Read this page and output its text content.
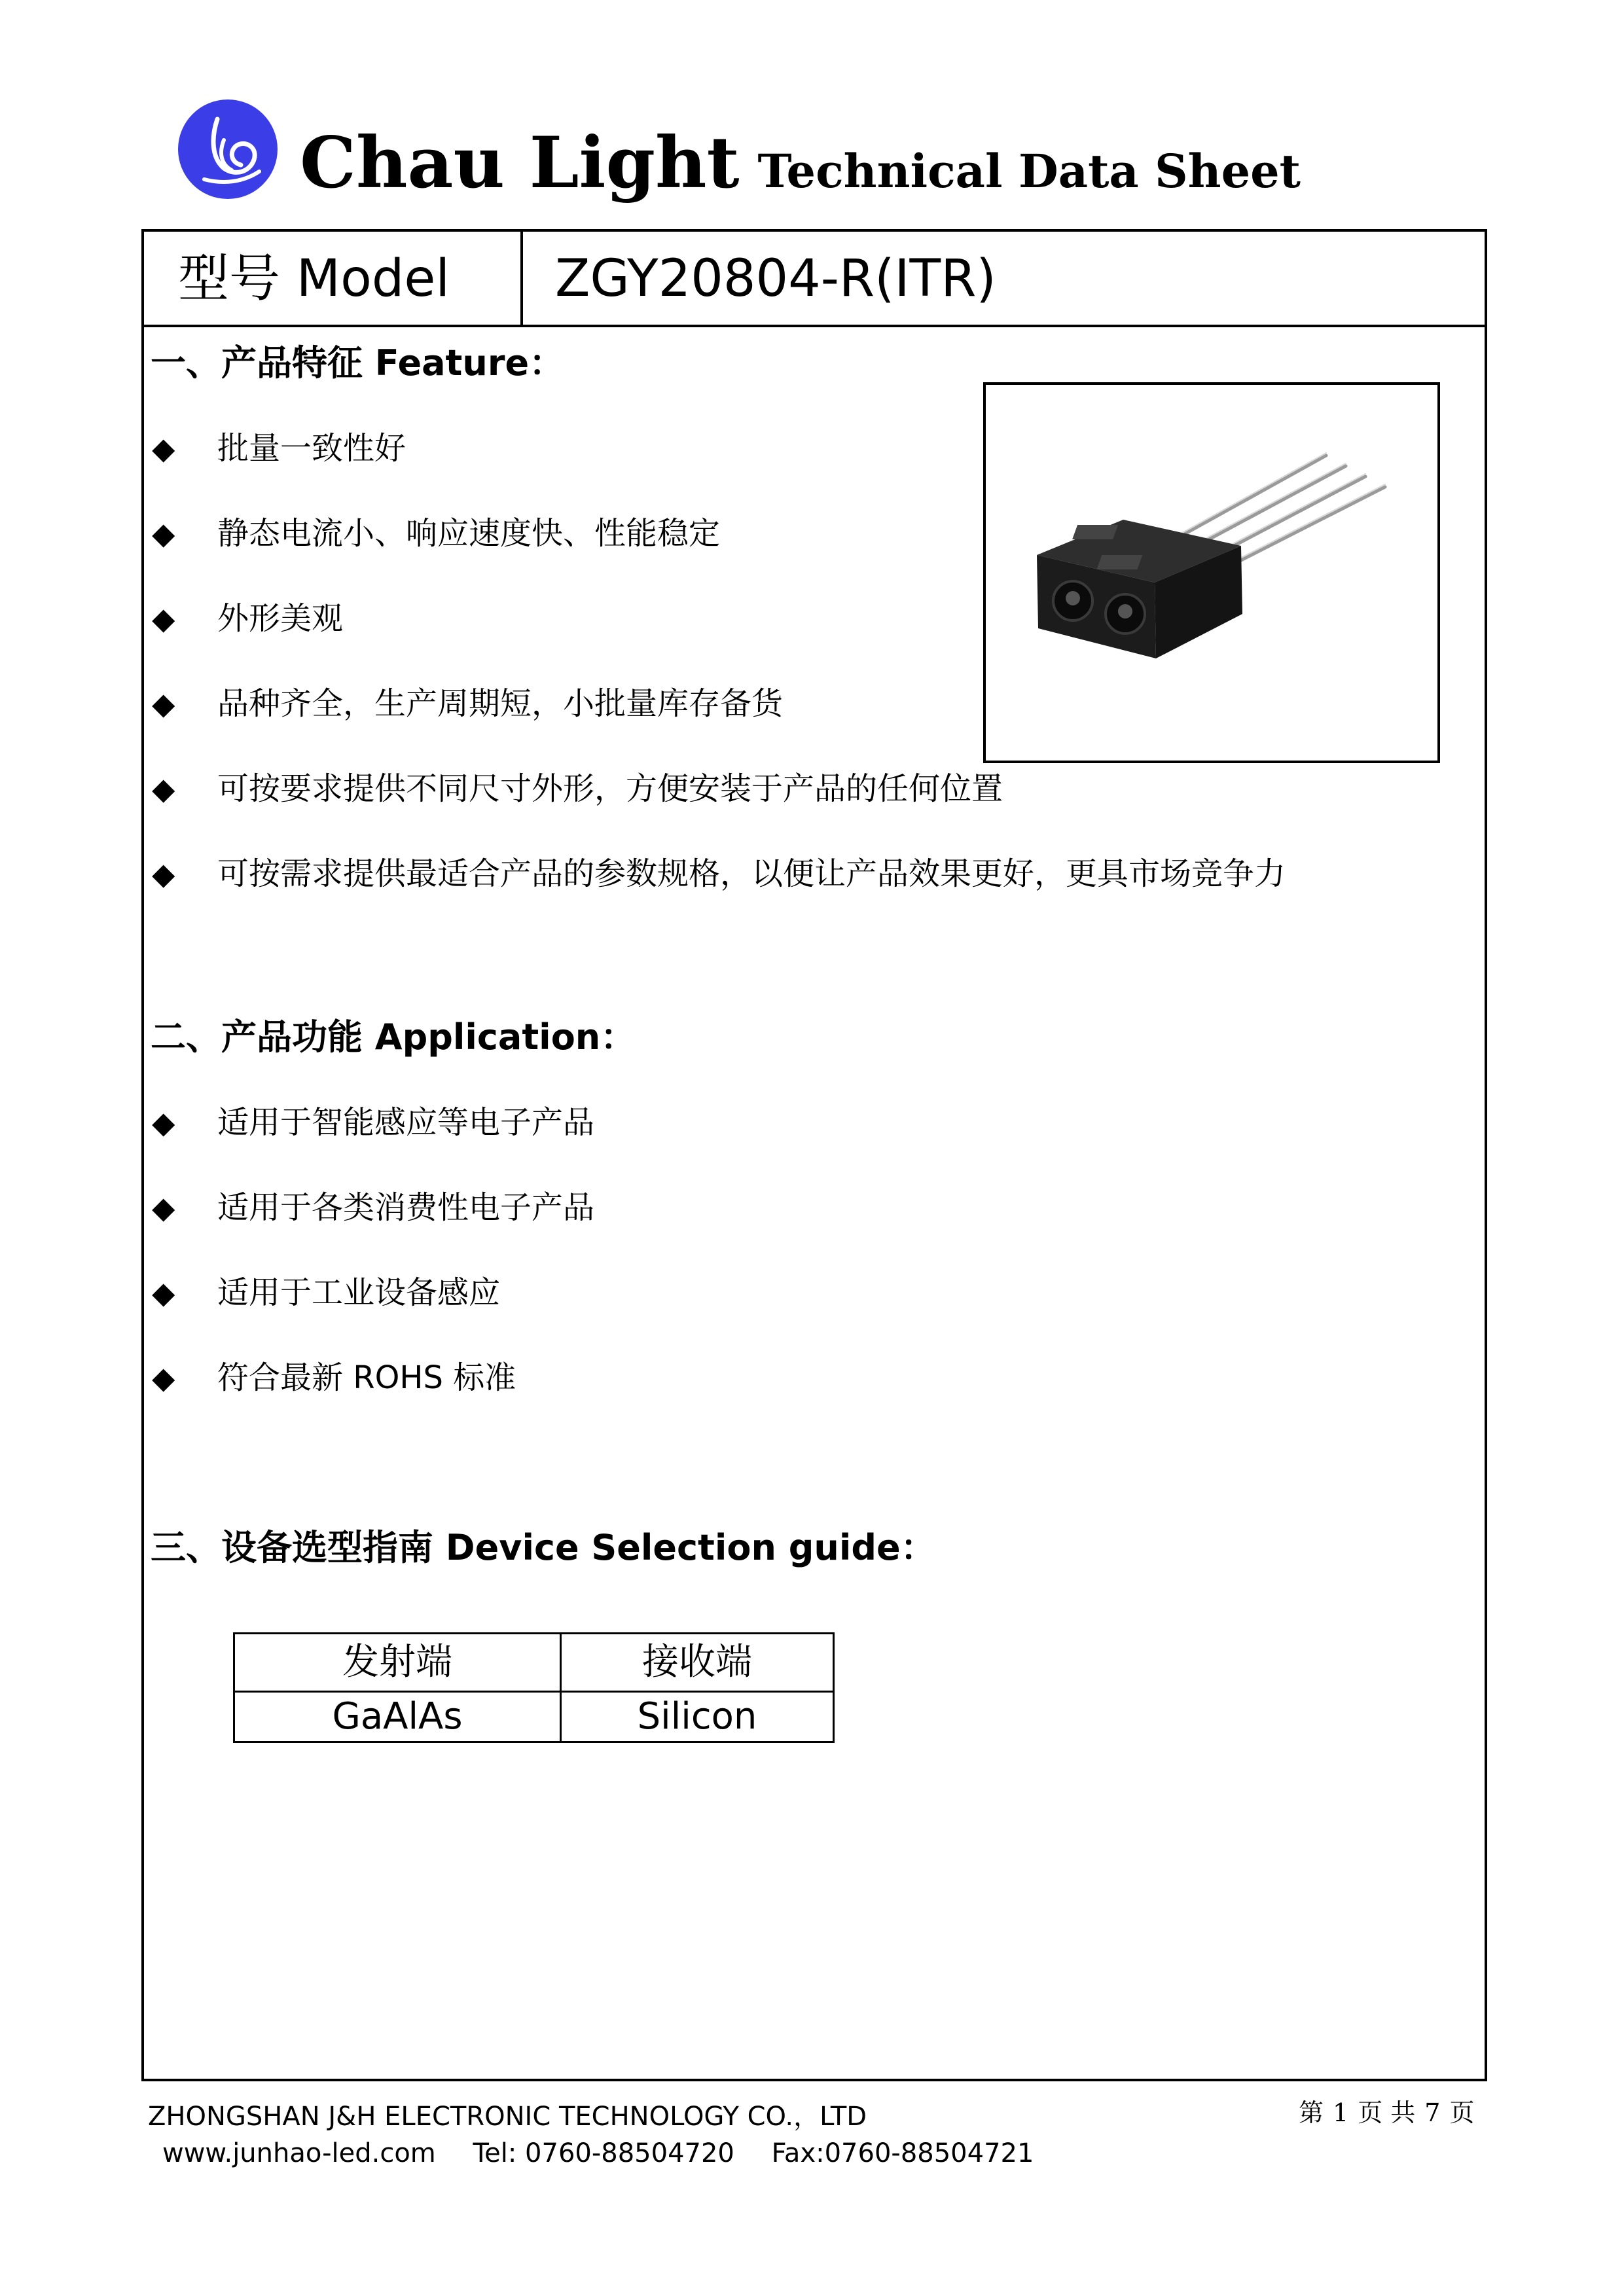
Chau Light Technical Data Sheet
型号 Model ZGY20804-R(ITR)
一、产品特征 Feature：
◆ 批量一致性好
◆ 静态电流小、响应速度快、性能稳定
◆ 外形美观
◆ 品种齐全，生产周期短，小批量库存备货
◆ 可按要求提供不同尺寸外形，方便安装于产品的任何位置
◆ 可按需求提供最适合产品的参数规格，以便让产品效果更好，更具市场竞争力
二、产品功能 Application：
◆ 适用于智能感应等电子产品
◆ 适用于各类消费性电子产品
◆ 适用于工业设备感应
◆ 符合最新 ROHS 标准
三、设备选型指南 Device Selection guide：
发射端	接收端
GaAlAs	Silicon
ZHONGSHAN J&H ELECTRONIC TECHNOLOGY CO.，LTD
www.junhao-led.com Tel: 0760-88504720 Fax:0760-88504721
第 1 页 共 7 页
